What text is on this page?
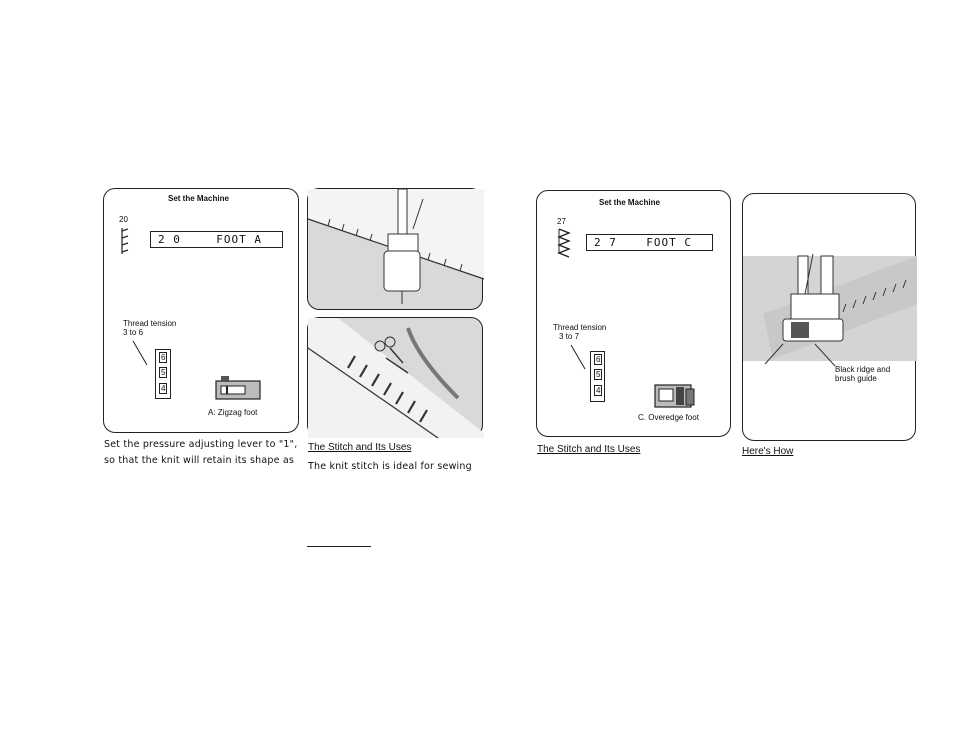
Set the Machine
20
2 0	FOOT A
Thread tension
3 to 6
6
5
4
A: Zigzag foot
Set the Machine
27
2 7	FOOT C
Thread tension
3 to 7
6
5
4
C. Overedge foot
Black ridge and
brush guide
Set the pressure adjusting lever to "1",
so that the knit will retain its shape as
The Stitch and Its Uses
The knit stitch is ideal for sewing
The Stitch and Its Uses	Here's How
